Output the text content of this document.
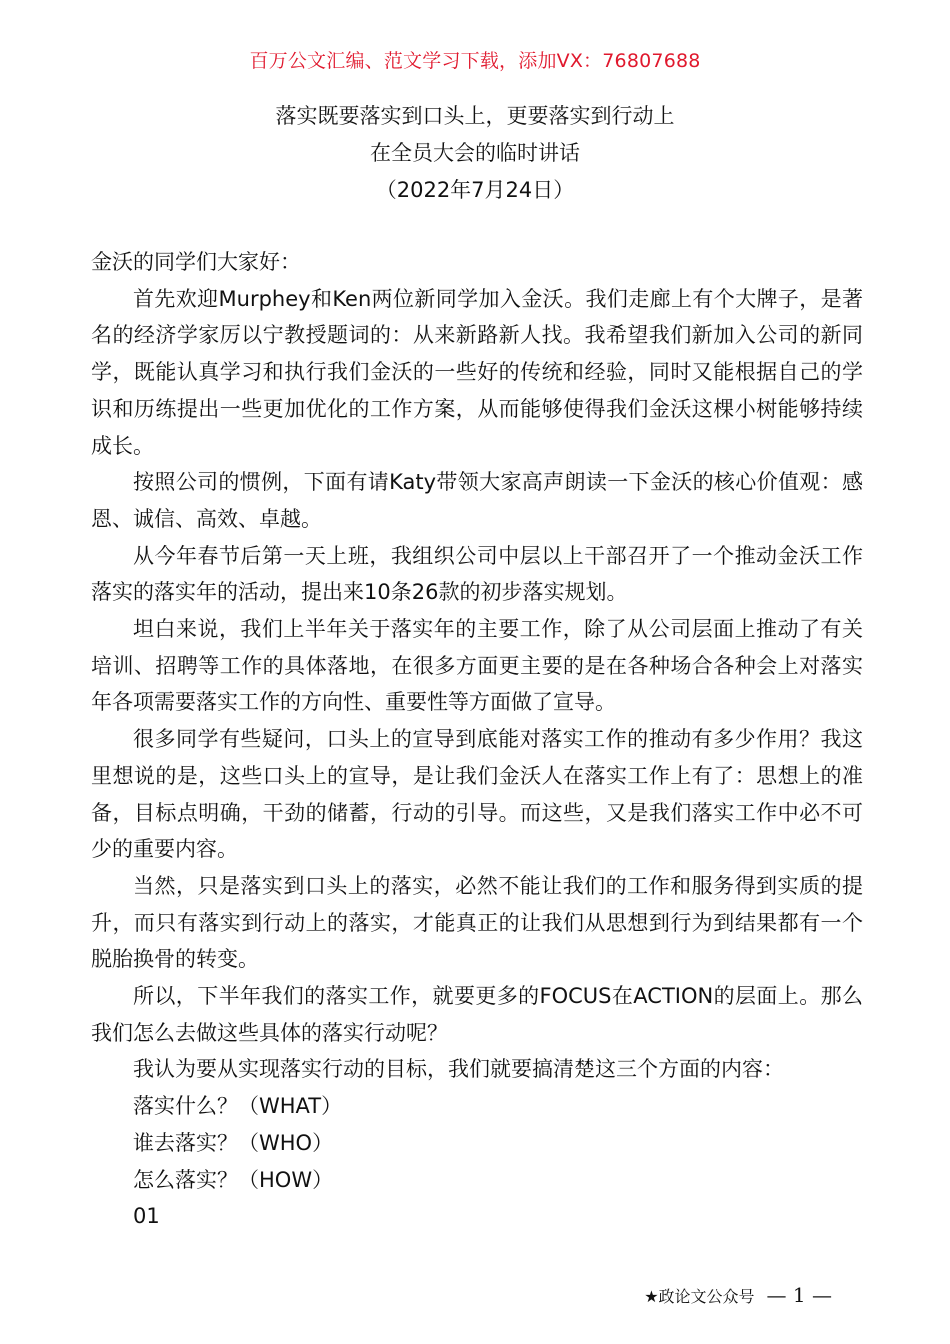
百万公文汇编、范文学习下载，添加VX：76807688
落实既要落实到口头上，更要落实到行动上
在全员大会的临时讲话
（2022年7月24日）

金沃的同学们大家好：

首先欢迎Murphey和Ken两位新同学加入金沃。我们走廊上有个大牌子，是著名的经济学家厉以宁教授题词的：从来新路新人找。我希望我们新加入公司的新同学，既能认真学习和执行我们金沃的一些好的传统和经验，同时又能根据自己的学识和历练提出一些更加优化的工作方案，从而能够使得我们金沃这棵小树能够持续成长。

按照公司的惯例，下面有请Katy带领大家高声朗读一下金沃的核心价值观：感恩、诚信、高效、卓越。

从今年春节后第一天上班，我组织公司中层以上干部召开了一个推动金沃工作落实的落实年的活动，提出来10条26款的初步落实规划。

坦白来说，我们上半年关于落实年的主要工作，除了从公司层面上推动了有关培训、招聘等工作的具体落地，在很多方面更主要的是在各种场合各种会上对落实年各项需要落实工作的方向性、重要性等方面做了宣导。

很多同学有些疑问，口头上的宣导到底能对落实工作的推动有多少作用？我这里想说的是，这些口头上的宣导，是让我们金沃人在落实工作上有了：思想上的准备，目标点明确，干劲的储蓄，行动的引导。而这些，又是我们落实工作中必不可少的重要内容。

当然，只是落实到口头上的落实，必然不能让我们的工作和服务得到实质的提升，而只有落实到行动上的落实，才能真正的让我们从思想到行为到结果都有一个脱胎换骨的转变。

所以，下半年我们的落实工作，就要更多的FOCUS在ACTION的层面上。那么我们怎么去做这些具体的落实行动呢？

我认为要从实现落实行动的目标，我们就要搞清楚这三个方面的内容：

落实什么？（WHAT）

谁去落实？（WHO）

怎么落实？（HOW）

01

★政论文公众号 — 1 —
